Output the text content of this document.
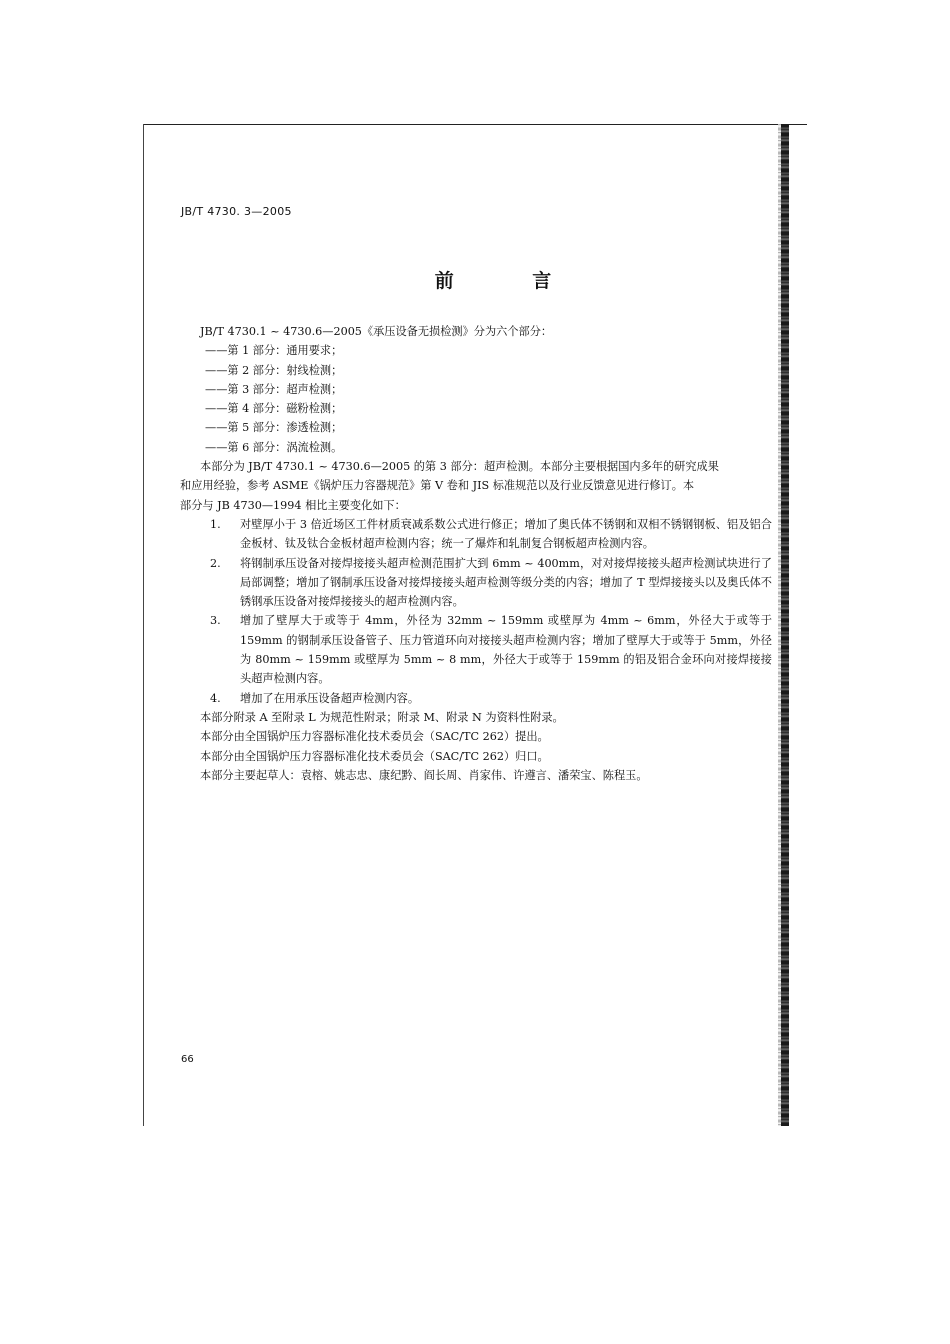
JB/T 4730. 3—2005
前 言
JB/T 4730.1 ~ 4730.6—2005《承压设备无损检测》分为六个部分：
——第 1 部分：通用要求；
——第 2 部分：射线检测；
——第 3 部分：超声检测；
——第 4 部分：磁粉检测；
——第 5 部分：渗透检测；
——第 6 部分：涡流检测。
本部分为 JB/T 4730.1 ~ 4730.6—2005 的第 3 部分：超声检测。本部分主要根据国内多年的研究成果
和应用经验，参考 ASME《锅炉压力容器规范》第 V 卷和 JIS 标准规范以及行业反馈意见进行修订。本
部分与 JB 4730—1994 相比主要变化如下：
1. 对壁厚小于 3 倍近场区工件材质衰减系数公式进行修正；增加了奥氏体不锈钢和双相不锈钢钢板、铝及铝合金板材、钛及钛合金板材超声检测内容；统一了爆炸和轧制复合钢板超声检测内容。
2. 将钢制承压设备对接焊接接头超声检测范围扩大到 6mm ~ 400mm，对对接焊接接头超声检测试块进行了局部调整；增加了钢制承压设备对接焊接接头超声检测等级分类的内容；增加了 T 型焊接接头以及奥氏体不锈钢承压设备对接焊接接头的超声检测内容。
3. 增加了壁厚大于或等于 4mm，外径为 32mm ~ 159mm 或壁厚为 4mm ~ 6mm，外径大于或等于 159mm 的钢制承压设备管子、压力管道环向对接接头超声检测内容；增加了壁厚大于或等于 5mm，外径为 80mm ~ 159mm 或壁厚为 5mm ~ 8 mm，外径大于或等于 159mm 的铝及铝合金环向对接焊接接头超声检测内容。
4. 增加了在用承压设备超声检测内容。
本部分附录 A 至附录 L 为规范性附录；附录 M、附录 N 为资料性附录。
本部分由全国锅炉压力容器标准化技术委员会（SAC/TC 262）提出。
本部分由全国锅炉压力容器标准化技术委员会（SAC/TC 262）归口。
本部分主要起草人：袁榕、姚志忠、康纪黔、阎长周、肖家伟、许遵言、潘荣宝、陈程玉。
66
